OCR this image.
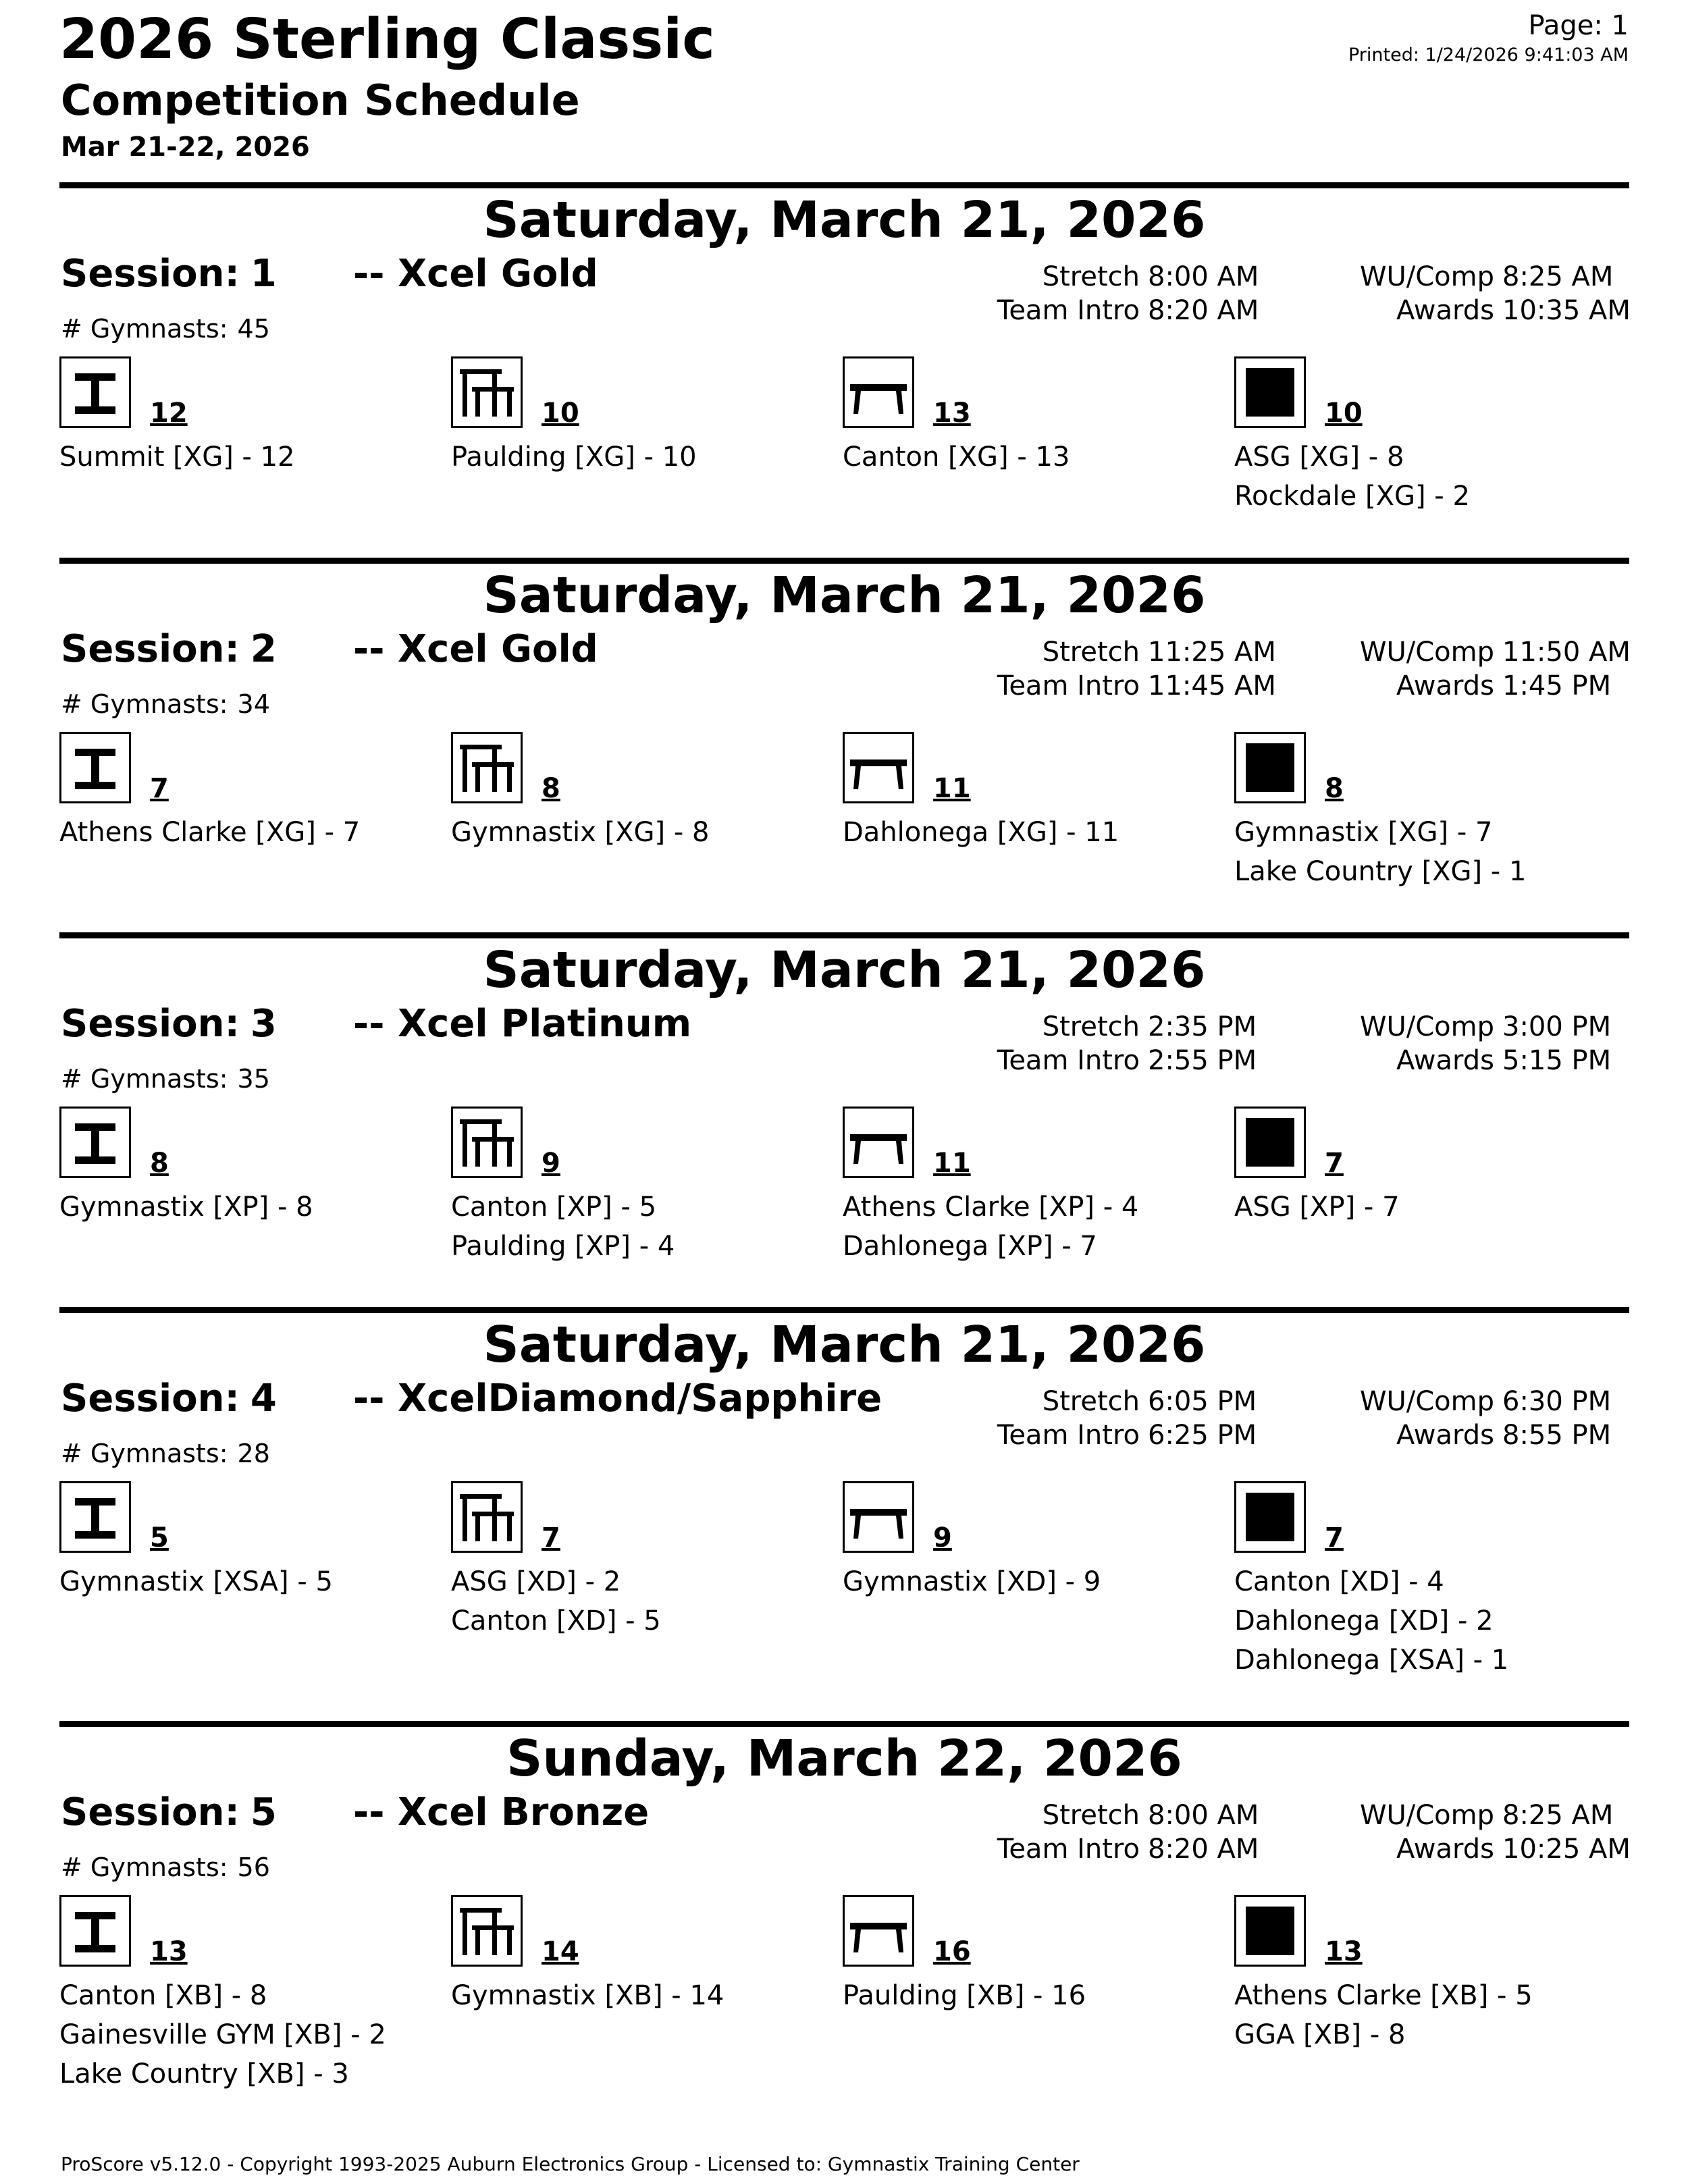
2026 Sterling Classic
Competition Schedule
Mar 21-22, 2026
Page: 1
Printed: 1/24/2026 9:41:03 AM
Saturday, March 21, 2026
Session: 1 -- Xcel Gold
# Gymnasts: 45
Stretch 8:00 AM
Team Intro 8:20 AM
WU/Comp 8:25 AM
Awards 10:35 AM
12
Summit [XG] - 12
10
Paulding [XG] - 10
13
Canton [XG] - 13
10
ASG [XG] - 8
Rockdale [XG] - 2
Saturday, March 21, 2026
Session: 2 -- Xcel Gold
# Gymnasts: 34
Stretch 11:25 AM
Team Intro 11:45 AM
WU/Comp 11:50 AM
Awards 1:45 PM
7
Athens Clarke [XG] - 7
8
Gymnastix [XG] - 8
11
Dahlonega [XG] - 11
8
Gymnastix [XG] - 7
Lake Country [XG] - 1
Saturday, March 21, 2026
Session: 3 -- Xcel Platinum
# Gymnasts: 35
Stretch 2:35 PM
Team Intro 2:55 PM
WU/Comp 3:00 PM
Awards 5:15 PM
8
Gymnastix [XP] - 8
9
Canton [XP] - 5
Paulding [XP] - 4
11
Athens Clarke [XP] - 4
Dahlonega [XP] - 7
7
ASG [XP] - 7
Saturday, March 21, 2026
Session: 4 -- XcelDiamond/Sapphire
# Gymnasts: 28
Stretch 6:05 PM
Team Intro 6:25 PM
WU/Comp 6:30 PM
Awards 8:55 PM
5
Gymnastix [XSA] - 5
7
ASG [XD] - 2
Canton [XD] - 5
9
Gymnastix [XD] - 9
7
Canton [XD] - 4
Dahlonega [XD] - 2
Dahlonega [XSA] - 1
Sunday, March 22, 2026
Session: 5 -- Xcel Bronze
# Gymnasts: 56
Stretch 8:00 AM
Team Intro 8:20 AM
WU/Comp 8:25 AM
Awards 10:25 AM
13
Canton [XB] - 8
Gainesville GYM [XB] - 2
Lake Country [XB] - 3
14
Gymnastix [XB] - 14
16
Paulding [XB] - 16
13
Athens Clarke [XB] - 5
GGA [XB] - 8
ProScore v5.12.0 - Copyright 1993-2025 Auburn Electronics Group - Licensed to: Gymnastix Training Center
